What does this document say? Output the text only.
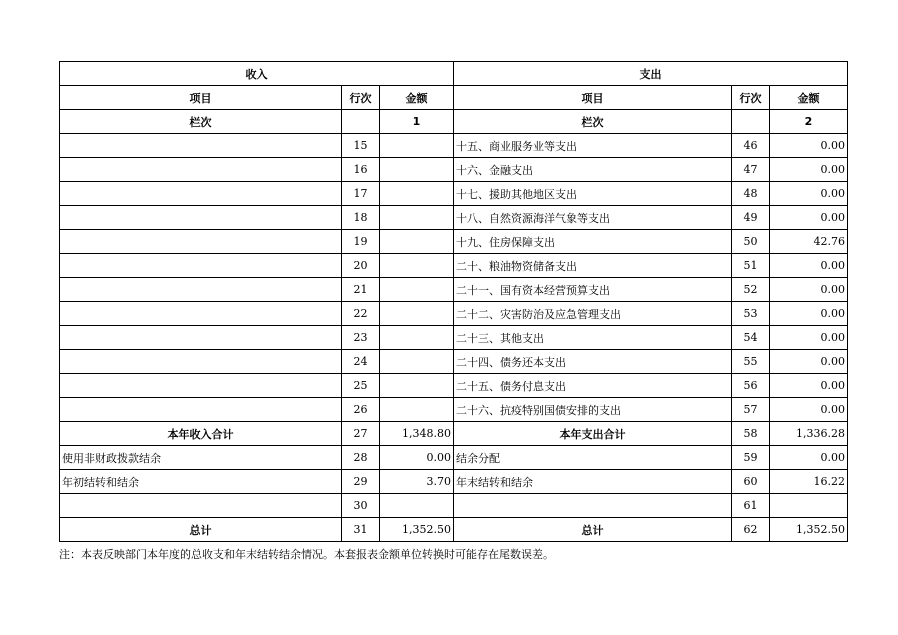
收入			支出		
项目	行次	金额	项目	行次	金额
栏次		1	栏次		2
	15		十五、商业服务业等支出	46	0.00
	16		十六、金融支出	47	0.00
	17		十七、援助其他地区支出	48	0.00
	18		十八、自然资源海洋气象等支出	49	0.00
	19		十九、住房保障支出	50	42.76
	20		二十、粮油物资储备支出	51	0.00
	21		二十一、国有资本经营预算支出	52	0.00
	22		二十二、灾害防治及应急管理支出	53	0.00
	23		二十三、其他支出	54	0.00
	24		二十四、债务还本支出	55	0.00
	25		二十五、债务付息支出	56	0.00
	26		二十六、抗疫特别国债安排的支出	57	0.00
本年收入合计	27	1,348.80	本年支出合计	58	1,336.28
使用非财政拨款结余	28	0.00	结余分配	59	0.00
年初结转和结余	29	3.70	年末结转和结余	60	16.22
	30			61	
总计	31	1,352.50	总计	62	1,352.50
注：本表反映部门本年度的总收支和年末结转结余情况。本套报表金额单位转换时可能存在尾数误差。
